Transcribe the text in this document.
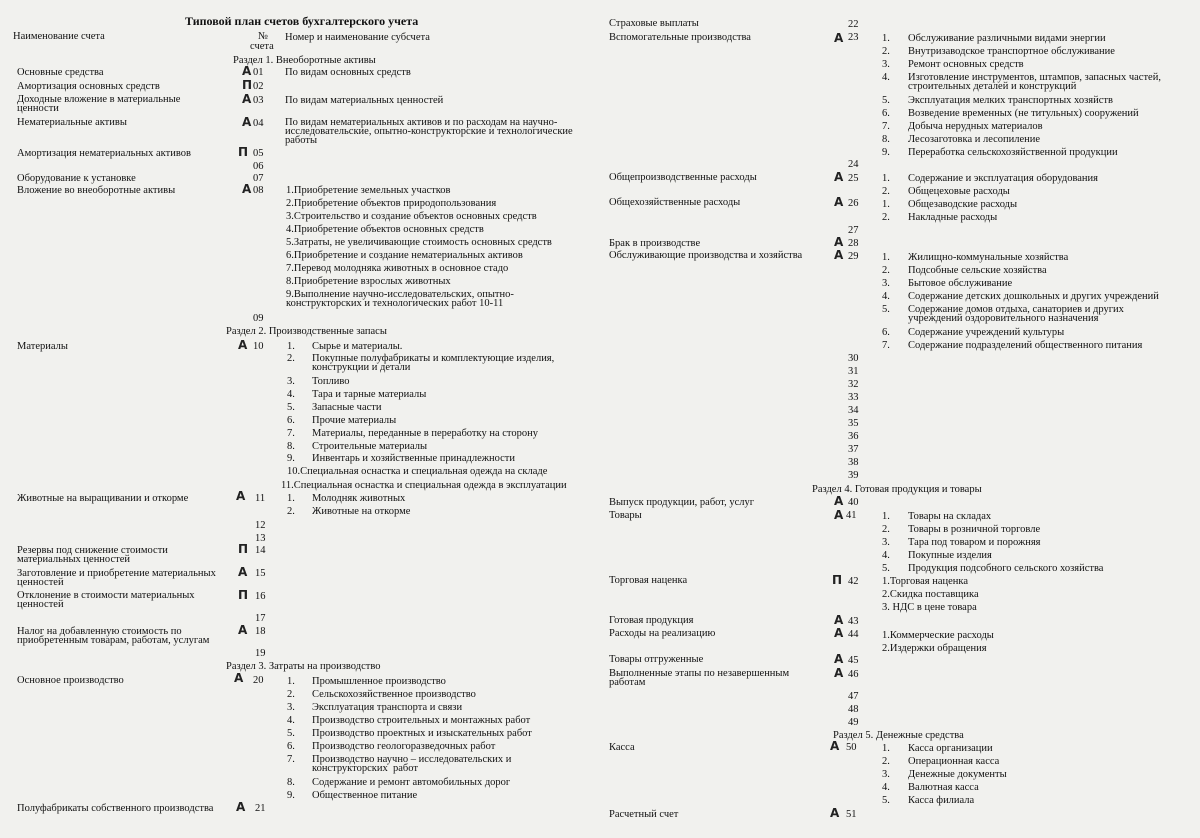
Типовой план счетов бухгалтерского учета
Наименование счета	№
счета
Номер и наименование субсчета
Раздел 1. Внеоборотные активы
Основные средства	А 01 По видам основных средств
Амортизация основных средств	П 02
Доходные вложение в материальные
ценности
А 03 По видам материальных ценностей
Нематериальные активы	А 04 По видам нематериальных активов и по расходам на научно-
исследовательские, опытно-конструкторские и технологические
работы
Амортизация нематериальных активов	П 05
06
Оборудование к установке	07
Вложение во внеоборотные активы	А 08 1.Приобретение земельных участков
2.Приобретение объектов природопользования
3.Строительство и создание объектов основных средств
4.Приобретение объектов основных средств
5.Затраты, не увеличивающие стоимость основных средств
6.Приобретение и создание нематериальных активов
7.Перевод молодняка животных в основное стадо
8.Приобретение взрослых животных
9.Выполнение научно-исследовательских, опытно-
конструкторских и технологических работ 10-11
09
Раздел 2. Производственные запасы
Материалы	А 10 1. Сырье и материалы.
2. Покупные полуфабрикаты и комплектующие изделия,
конструкции и детали
3. Топливо
4. Тара и тарные материалы
5. Запасные части
6. Прочие материалы
7. Материалы, переданные в переработку на сторону
8. Строительные материалы
9. Инвентарь и хозяйственные принадлежности
10.Специальная оснастка и специальная одежда на складе
11.Специальная оснастка и специальная одежда в эксплуатации
Животные на выращивании и откорме	А 11 1. Молодняк животных
2. Животные на откорме
12
13
Резервы под снижение стоимости
материальных ценностей
П 14
Заготовление и приобретение материальных
ценностей
А 15
Отклонение в стоимости материальных
ценностей
П 16
17
Налог на добавленную стоимость по
приобретенным товарам, работам, услугам
А 18
19
Раздел 3. Затраты на производство
Основное производство	А 20 1. Промышленное производство
2. Сельскохозяйственное производство
3. Эксплуатация транспорта и связи
4. Производство строительных и монтажных работ
5. Производство проектных и изыскательных работ
6. Производство геологоразведочных работ
7. Производство научно – исследовательских и
конструкторских  работ
8. Содержание и ремонт автомобильных дорог
9. Общественное питание
Полуфабрикаты собственного производства А 21
Страховые выплаты	22
Вспомогательные производства	А 23 1. Обслуживание различными видами энергии
2. Внутризаводское транспортное обслуживание
3. Ремонт основных средств
4. Изготовление инструментов, штампов, запасных частей,
строительных деталей и конструкций
5. Эксплуатация мелких транспортных хозяйств
6. Возведение временных (не титульных) сооружений
7. Добыча нерудных материалов
8. Лесозаготовка и лесопиление
9. Переработка сельскохозяйственной продукции
24
Общепроизводственные расходы	А 25 1. Содержание и эксплуатация оборудования
2. Общецеховые расходы
Общехозяйственные расходы	А 26 1. Общезаводские расходы
2. Накладные расходы
27
Брак в производстве	А 28
Обслуживающие производства и хозяйства	А 29 1. Жилищно-коммунальные хозяйства
2. Подсобные сельские хозяйства
3. Бытовое обслуживание
4. Содержание детских дошкольных и других учреждений
5. Содержание домов отдыха, санаториев и других
учреждений оздоровительного назначения
6. Содержание учреждений культуры
7. Содержание подразделений общественного питания
30
31
32
33
34
35
36
37
38
39
Раздел 4. Готовая продукция и товары
Выпуск продукции, работ, услуг	А 40
Товары	А 41 1. Товары на складах
2. Товары в розничной торговле
3. Тара под товаром и порожняя
4. Покупные изделия
5. Продукция подсобного сельского хозяйства
Торговая наценка	П 42 1.Торговая наценка
2.Скидка поставщика
3. НДС в цене товара
Готовая продукция	А 43
Расходы на реализацию	А 44 1.Коммерческие расходы
2.Издержки обращения
Товары отгруженные	А 45
Выполненные этапы по незавершенным
работам
А 46
47
48
49
Раздел 5. Денежные средства
Касса	А 50 1. Касса организации
2. Операционная касса
3. Денежные документы
4. Валютная касса
5. Касса филиала
Расчетный счет	А 51
